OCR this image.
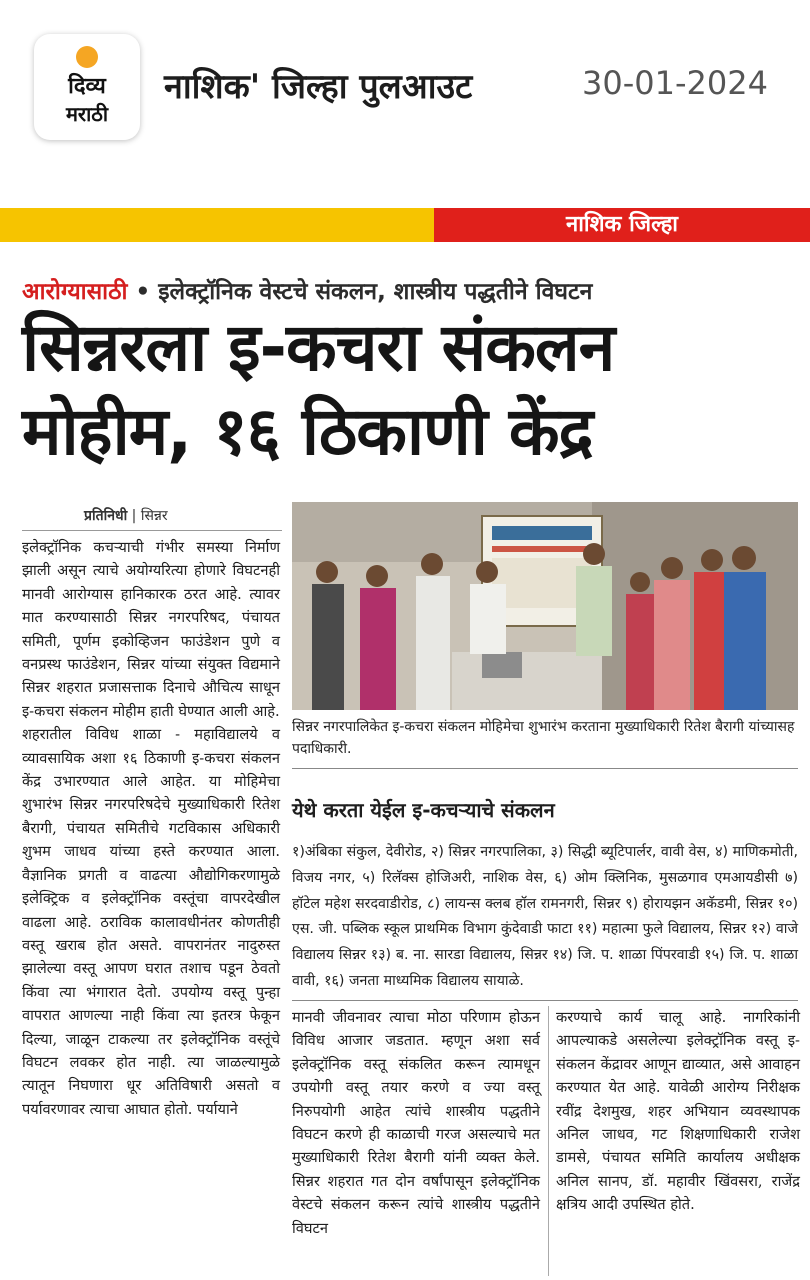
दिव्य
मराठी
नाशिक' जिल्हा पुलआउट	30-01-2024
नाशिक जिल्हा
आरोग्यासाठी • इलेक्ट्रॉनिक वेस्टचे संकलन, शास्त्रीय पद्धतीने विघटन
सिन्नरला इ-कचरा संकलन
मोहीम, १६ ठिकाणी केंद्र
प्रतिनिधी | सिन्नर

इलेक्ट्रॉनिक कचऱ्याची गंभीर समस्या निर्माण झाली असून त्याचे अयोग्यरित्या होणारे विघटनही मानवी आरोग्यास हानिकारक ठरत आहे. त्यावर मात करण्यासाठी सिन्नर नगरपरिषद, पंचायत समिती, पूर्णम इकोव्हिजन फाउंडेशन पुणे व वनप्रस्थ फाउंडेशन, सिन्नर यांच्या संयुक्त विद्यमाने सिन्नर शहरात प्रजासत्ताक दिनाचे औचित्य साधून इ-कचरा संकलन मोहीम हाती घेण्यात आली आहे.

शहरातील विविध शाळा - महाविद्यालये व व्यावसायिक अशा १६ ठिकाणी इ-कचरा संकलन केंद्र उभारण्यात आले आहेत. या मोहिमेचा शुभारंभ सिन्नर नगरपरिषदेचे मुख्याधिकारी रितेश बैरागी, पंचायत समितीचे गटविकास अधिकारी शुभम जाधव यांच्या हस्ते करण्यात आला. वैज्ञानिक प्रगती व वाढत्या औद्योगिकरणामुळे इलेक्ट्रिक व इलेक्ट्रॉनिक वस्तूंचा वापरदेखील वाढला आहे. ठराविक कालावधीनंतर कोणतीही वस्तू खराब होत असते. वापरानंतर नादुरुस्त झालेल्या वस्तू आपण घरात तशाच पडून ठेवतो किंवा त्या भंगारात देतो. उपयोग्य वस्तू पुन्हा वापरात आणल्या नाही किंवा त्या इतरत्र फेकून दिल्या, जाळून टाकल्या तर इलेक्ट्रॉनिक वस्तूंचे विघटन लवकर होत नाही. त्या जाळल्यामुळे त्यातून निघणारा धूर अतिविषारी असतो व पर्यावरणावर त्याचा आघात होतो. पर्यायाने

सिन्नर नगरपालिकेत इ-कचरा संकलन मोहिमेचा शुभारंभ करताना मुख्याधिकारी रितेश बैरागी यांच्यासह पदाधिकारी.
येथे करता येईल इ-कचऱ्याचे संकलन
१)अंबिका संकुल, देवीरोड, २) सिन्नर नगरपालिका, ३) सिद्धी ब्यूटिपार्लर, वावी वेस, ४) माणिकमोती, विजय नगर, ५) रिलॅक्स होजिअरी, नाशिक वेस, ६) ओम क्लिनिक, मुसळगाव एमआयडीसी ७) हॉटेल महेश सरदवाडीरोड, ८) लायन्स क्लब हॉल रामनगरी, सिन्नर ९) होरायझन अकॅडमी, सिन्नर १०) एस. जी. पब्लिक स्कूल प्राथमिक विभाग कुंदेवाडी फाटा ११) महात्मा फुले विद्यालय, सिन्नर १२) वाजे विद्यालय सिन्नर १३) ब. ना. सारडा विद्यालय, सिन्नर १४) जि. प. शाळा पिंपरवाडी १५) जि. प. शाळा वावी, १६) जनता माध्यमिक विद्यालय सायाळे.
मानवी जीवनावर त्याचा मोठा परिणाम होऊन विविध आजार जडतात. म्हणून अशा सर्व इलेक्ट्रॉनिक वस्तू संकलित करून त्यामधून उपयोगी वस्तू तयार करणे व ज्या वस्तू निरुपयोगी आहेत त्यांचे शास्त्रीय पद्धतीने विघटन करणे ही काळाची गरज असल्याचे मत मुख्याधिकारी रितेश बैरागी यांनी व्यक्त केले. सिन्नर शहरात गत दोन वर्षांपासून इलेक्ट्रॉनिक वेस्टचे संकलन करून त्यांचे शास्त्रीय पद्धतीने विघटन
करण्याचे कार्य चालू आहे. नागरिकांनी आपल्याकडे असलेल्या इलेक्ट्रॉनिक वस्तू इ-संकलन केंद्रावर आणून द्याव्यात, असे आवाहन करण्यात येत आहे. यावेळी आरोग्य निरीक्षक रवींद्र देशमुख, शहर अभियान व्यवस्थापक अनिल जाधव, गट शिक्षणाधिकारी राजेश डामसे, पंचायत समिति कार्यालय अधीक्षक अनिल सानप, डॉ. महावीर खिंवसरा, राजेंद्र क्षत्रिय आदी उपस्थित होते.
